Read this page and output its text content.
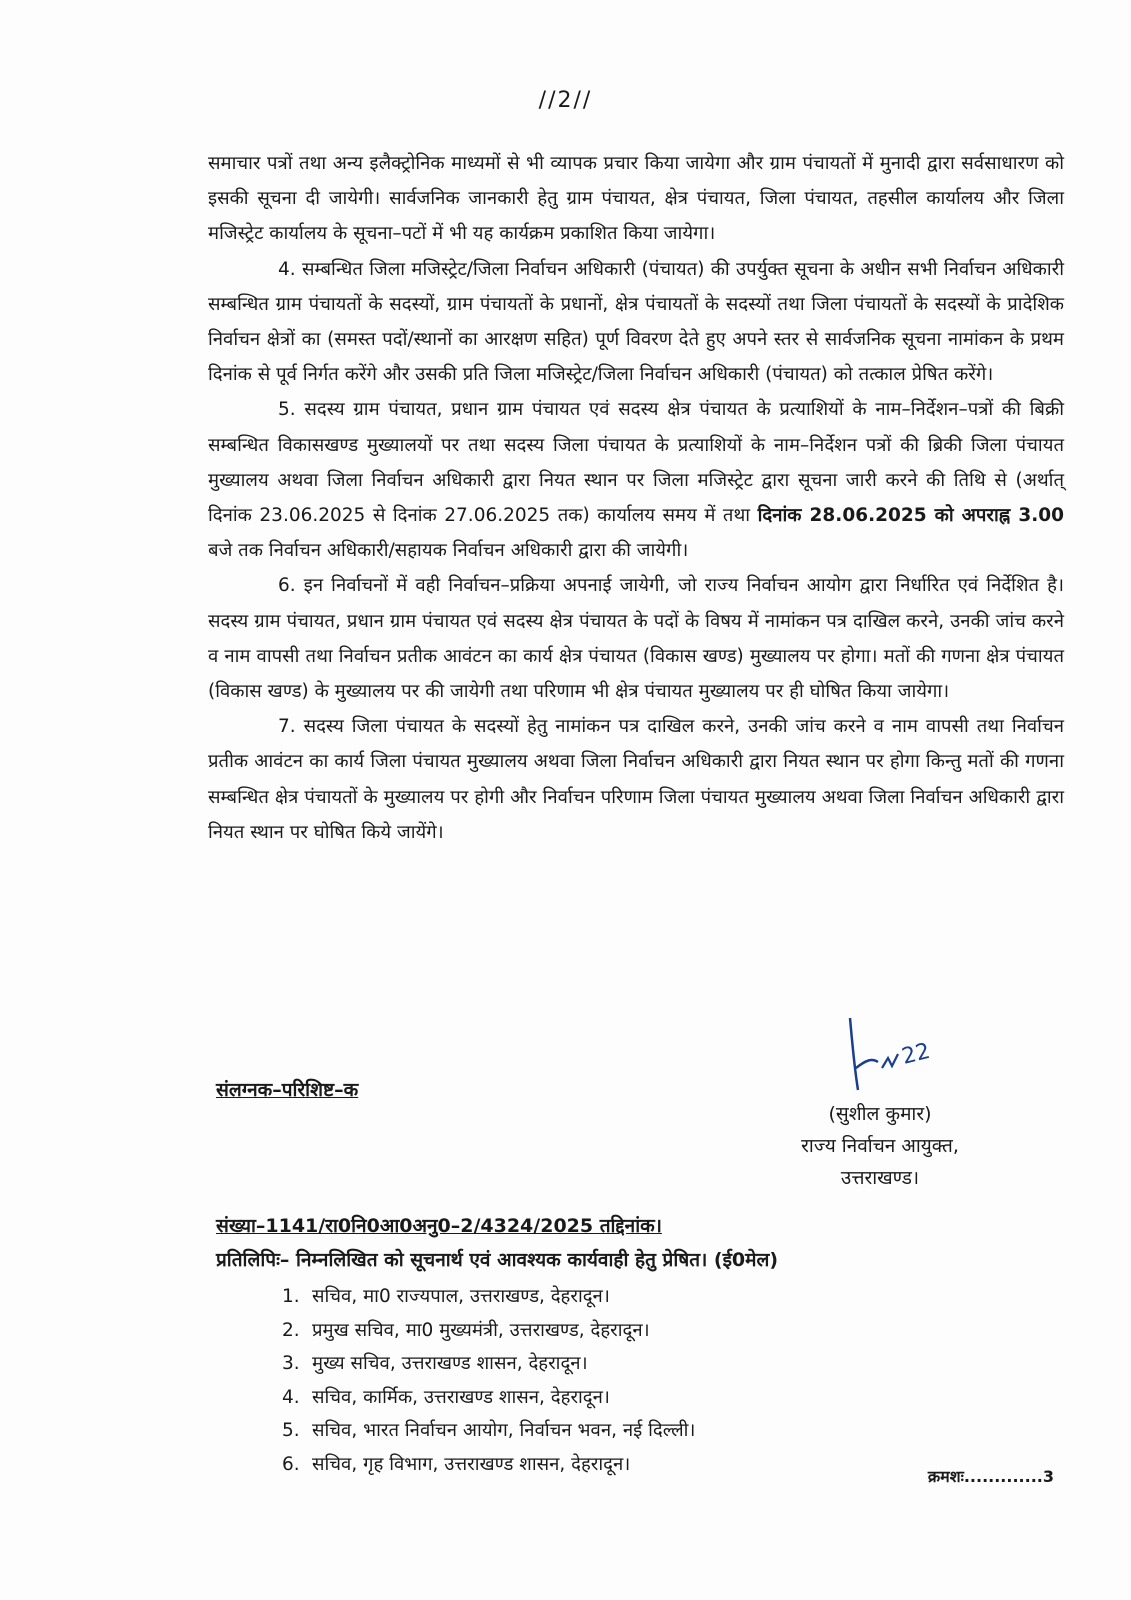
//2//

समाचार पत्रों तथा अन्य इलैक्ट्रोनिक माध्यमों से भी व्यापक प्रचार किया जायेगा और ग्राम पंचायतों में मुनादी द्वारा सर्वसाधारण को इसकी सूचना दी जायेगी। सार्वजनिक जानकारी हेतु ग्राम पंचायत, क्षेत्र पंचायत, जिला पंचायत, तहसील कार्यालय और जिला मजिस्ट्रेट कार्यालय के सूचना–पटों में भी यह कार्यक्रम प्रकाशित किया जायेगा।

4. सम्बन्धित जिला मजिस्ट्रेट/जिला निर्वाचन अधिकारी (पंचायत) की उपर्युक्त सूचना के अधीन सभी निर्वाचन अधिकारी सम्बन्धित ग्राम पंचायतों के सदस्यों, ग्राम पंचायतों के प्रधानों, क्षेत्र पंचायतों के सदस्यों तथा जिला पंचायतों के सदस्यों के प्रादेशिक निर्वाचन क्षेत्रों का (समस्त पदों/स्थानों का आरक्षण सहित) पूर्ण विवरण देते हुए अपने स्तर से सार्वजनिक सूचना नामांकन के प्रथम दिनांक से पूर्व निर्गत करेंगे और उसकी प्रति जिला मजिस्ट्रेट/जिला निर्वाचन अधिकारी (पंचायत) को तत्काल प्रेषित करेंगे।

5. सदस्य ग्राम पंचायत, प्रधान ग्राम पंचायत एवं सदस्य क्षेत्र पंचायत के प्रत्याशियों के नाम–निर्देशन–पत्रों की बिक्री सम्बन्धित विकासखण्ड मुख्यालयों पर तथा सदस्य जिला पंचायत के प्रत्याशियों के नाम–निर्देशन पत्रों की ब्रिकी जिला पंचायत मुख्यालय अथवा जिला निर्वाचन अधिकारी द्वारा नियत स्थान पर जिला मजिस्ट्रेट द्वारा सूचना जारी करने की तिथि से (अर्थात् दिनांक 23.06.2025 से दिनांक 27.06.2025 तक) कार्यालय समय में तथा दिनांक 28.06.2025 को अपराह्न 3.00 बजे तक निर्वाचन अधिकारी/सहायक निर्वाचन अधिकारी द्वारा की जायेगी।

6. इन निर्वाचनों में वही निर्वाचन–प्रक्रिया अपनाई जायेगी, जो राज्य निर्वाचन आयोग द्वारा निर्धारित एवं निर्देशित है। सदस्य ग्राम पंचायत, प्रधान ग्राम पंचायत एवं सदस्य क्षेत्र पंचायत के पदों के विषय में नामांकन पत्र दाखिल करने, उनकी जांच करने व नाम वापसी तथा निर्वाचन प्रतीक आवंटन का कार्य क्षेत्र पंचायत (विकास खण्ड) मुख्यालय पर होगा। मतों की गणना क्षेत्र पंचायत (विकास खण्ड) के मुख्यालय पर की जायेगी तथा परिणाम भी क्षेत्र पंचायत मुख्यालय पर ही घोषित किया जायेगा।

7. सदस्य जिला पंचायत के सदस्यों हेतु नामांकन पत्र दाखिल करने, उनकी जांच करने व नाम वापसी तथा निर्वाचन प्रतीक आवंटन का कार्य जिला पंचायत मुख्यालय अथवा जिला निर्वाचन अधिकारी द्वारा नियत स्थान पर होगा किन्तु मतों की गणना सम्बन्धित क्षेत्र पंचायतों के मुख्यालय पर होगी और निर्वाचन परिणाम जिला पंचायत मुख्यालय अथवा जिला निर्वाचन अधिकारी द्वारा नियत स्थान पर घोषित किये जायेंगे।

संलग्नक–परिशिष्ट–क
22
(सुशील कुमार)
राज्य निर्वाचन आयुक्त,
उत्तराखण्ड।
संख्या–1141/रा0नि0आ0अनु0–2/4324/2025 तद्दिनांक।
प्रतिलिपिः– निम्नलिखित को सूचनार्थ एवं आवश्यक कार्यवाही हेतु प्रेषित। (ई0मेल)
1. सचिव, मा0 राज्यपाल, उत्तराखण्ड, देहरादून।
2. प्रमुख सचिव, मा0 मुख्यमंत्री, उत्तराखण्ड, देहरादून।
3. मुख्य सचिव, उत्तराखण्ड शासन, देहरादून।
4. सचिव, कार्मिक, उत्तराखण्ड शासन, देहरादून।
5. सचिव, भारत निर्वाचन आयोग, निर्वाचन भवन, नई दिल्ली।
6. सचिव, गृह विभाग, उत्तराखण्ड शासन, देहरादून।
क्रमशः.............3
